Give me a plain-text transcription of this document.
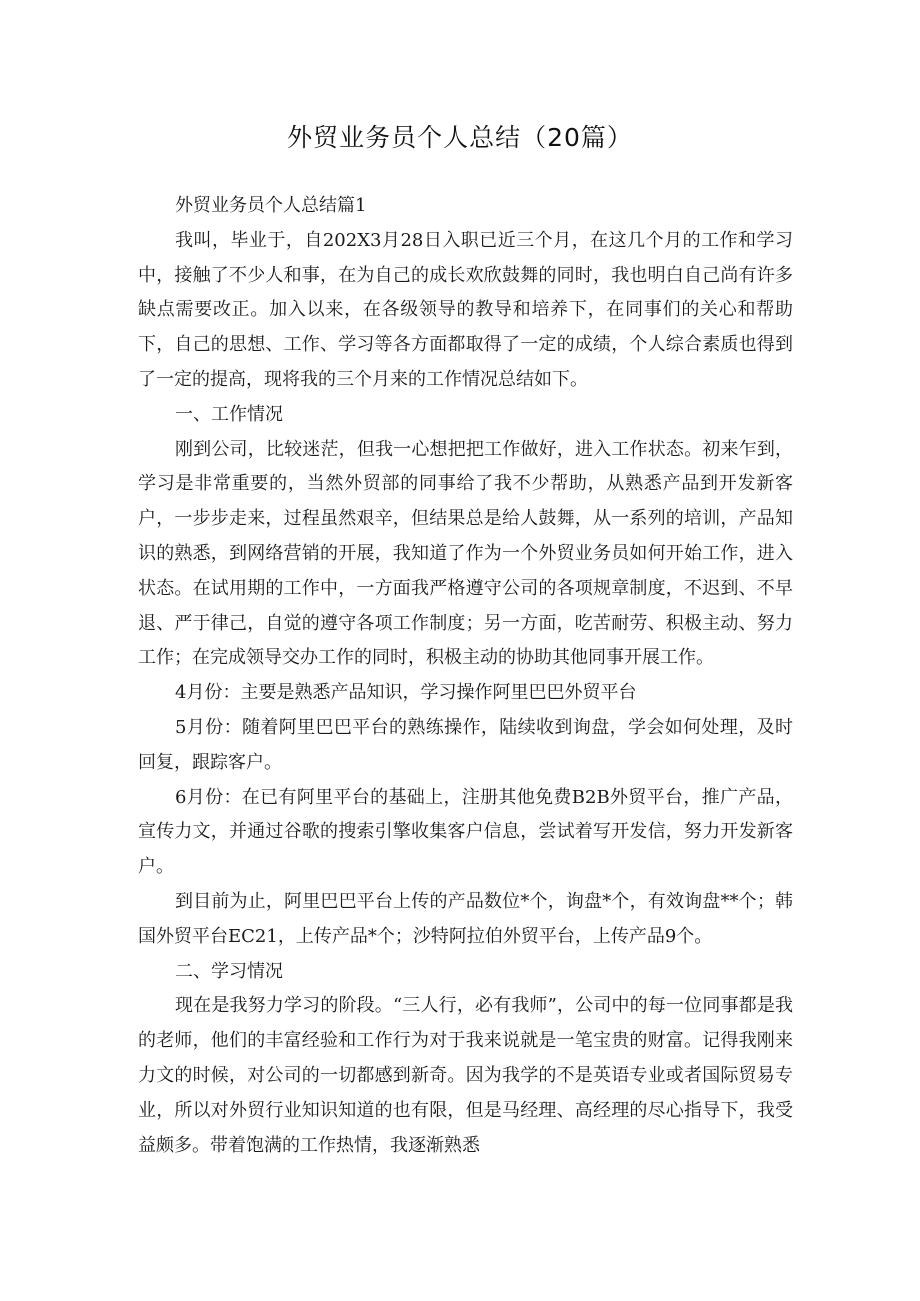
外贸业务员个人总结（20篇）

外贸业务员个人总结篇1

我叫，毕业于，自202X3月28日入职已近三个月，在这几个月的工作和学习中，接触了不少人和事，在为自己的成长欢欣鼓舞的同时，我也明白自己尚有许多缺点需要改正。加入以来，在各级领导的教导和培养下，在同事们的关心和帮助下，自己的思想、工作、学习等各方面都取得了一定的成绩，个人综合素质也得到了一定的提高，现将我的三个月来的工作情况总结如下。

一、工作情况

刚到公司，比较迷茫，但我一心想把把工作做好，进入工作状态。初来乍到，学习是非常重要的，当然外贸部的同事给了我不少帮助，从熟悉产品到开发新客户，一步步走来，过程虽然艰辛，但结果总是给人鼓舞，从一系列的培训，产品知识的熟悉，到网络营销的开展，我知道了作为一个外贸业务员如何开始工作，进入状态。在试用期的工作中，一方面我严格遵守公司的各项规章制度，不迟到、不早退、严于律己，自觉的遵守各项工作制度；另一方面，吃苦耐劳、积极主动、努力工作；在完成领导交办工作的同时，积极主动的协助其他同事开展工作。

4月份：主要是熟悉产品知识，学习操作阿里巴巴外贸平台

5月份：随着阿里巴巴平台的熟练操作，陆续收到询盘，学会如何处理，及时回复，跟踪客户。

6月份：在已有阿里平台的基础上，注册其他免费B2B外贸平台，推广产品，宣传力文，并通过谷歌的搜索引擎收集客户信息，尝试着写开发信，努力开发新客户。

到目前为止，阿里巴巴平台上传的产品数位*个，询盘*个，有效询盘**个；韩国外贸平台EC21，上传产品*个；沙特阿拉伯外贸平台，上传产品9个。

二、学习情况

现在是我努力学习的阶段。“三人行，必有我师”，公司中的每一位同事都是我的老师，他们的丰富经验和工作行为对于我来说就是一笔宝贵的财富。记得我刚来力文的时候，对公司的一切都感到新奇。因为我学的不是英语专业或者国际贸易专业，所以对外贸行业知识知道的也有限，但是马经理、高经理的尽心指导下，我受益颇多。带着饱满的工作热情，我逐渐熟悉
